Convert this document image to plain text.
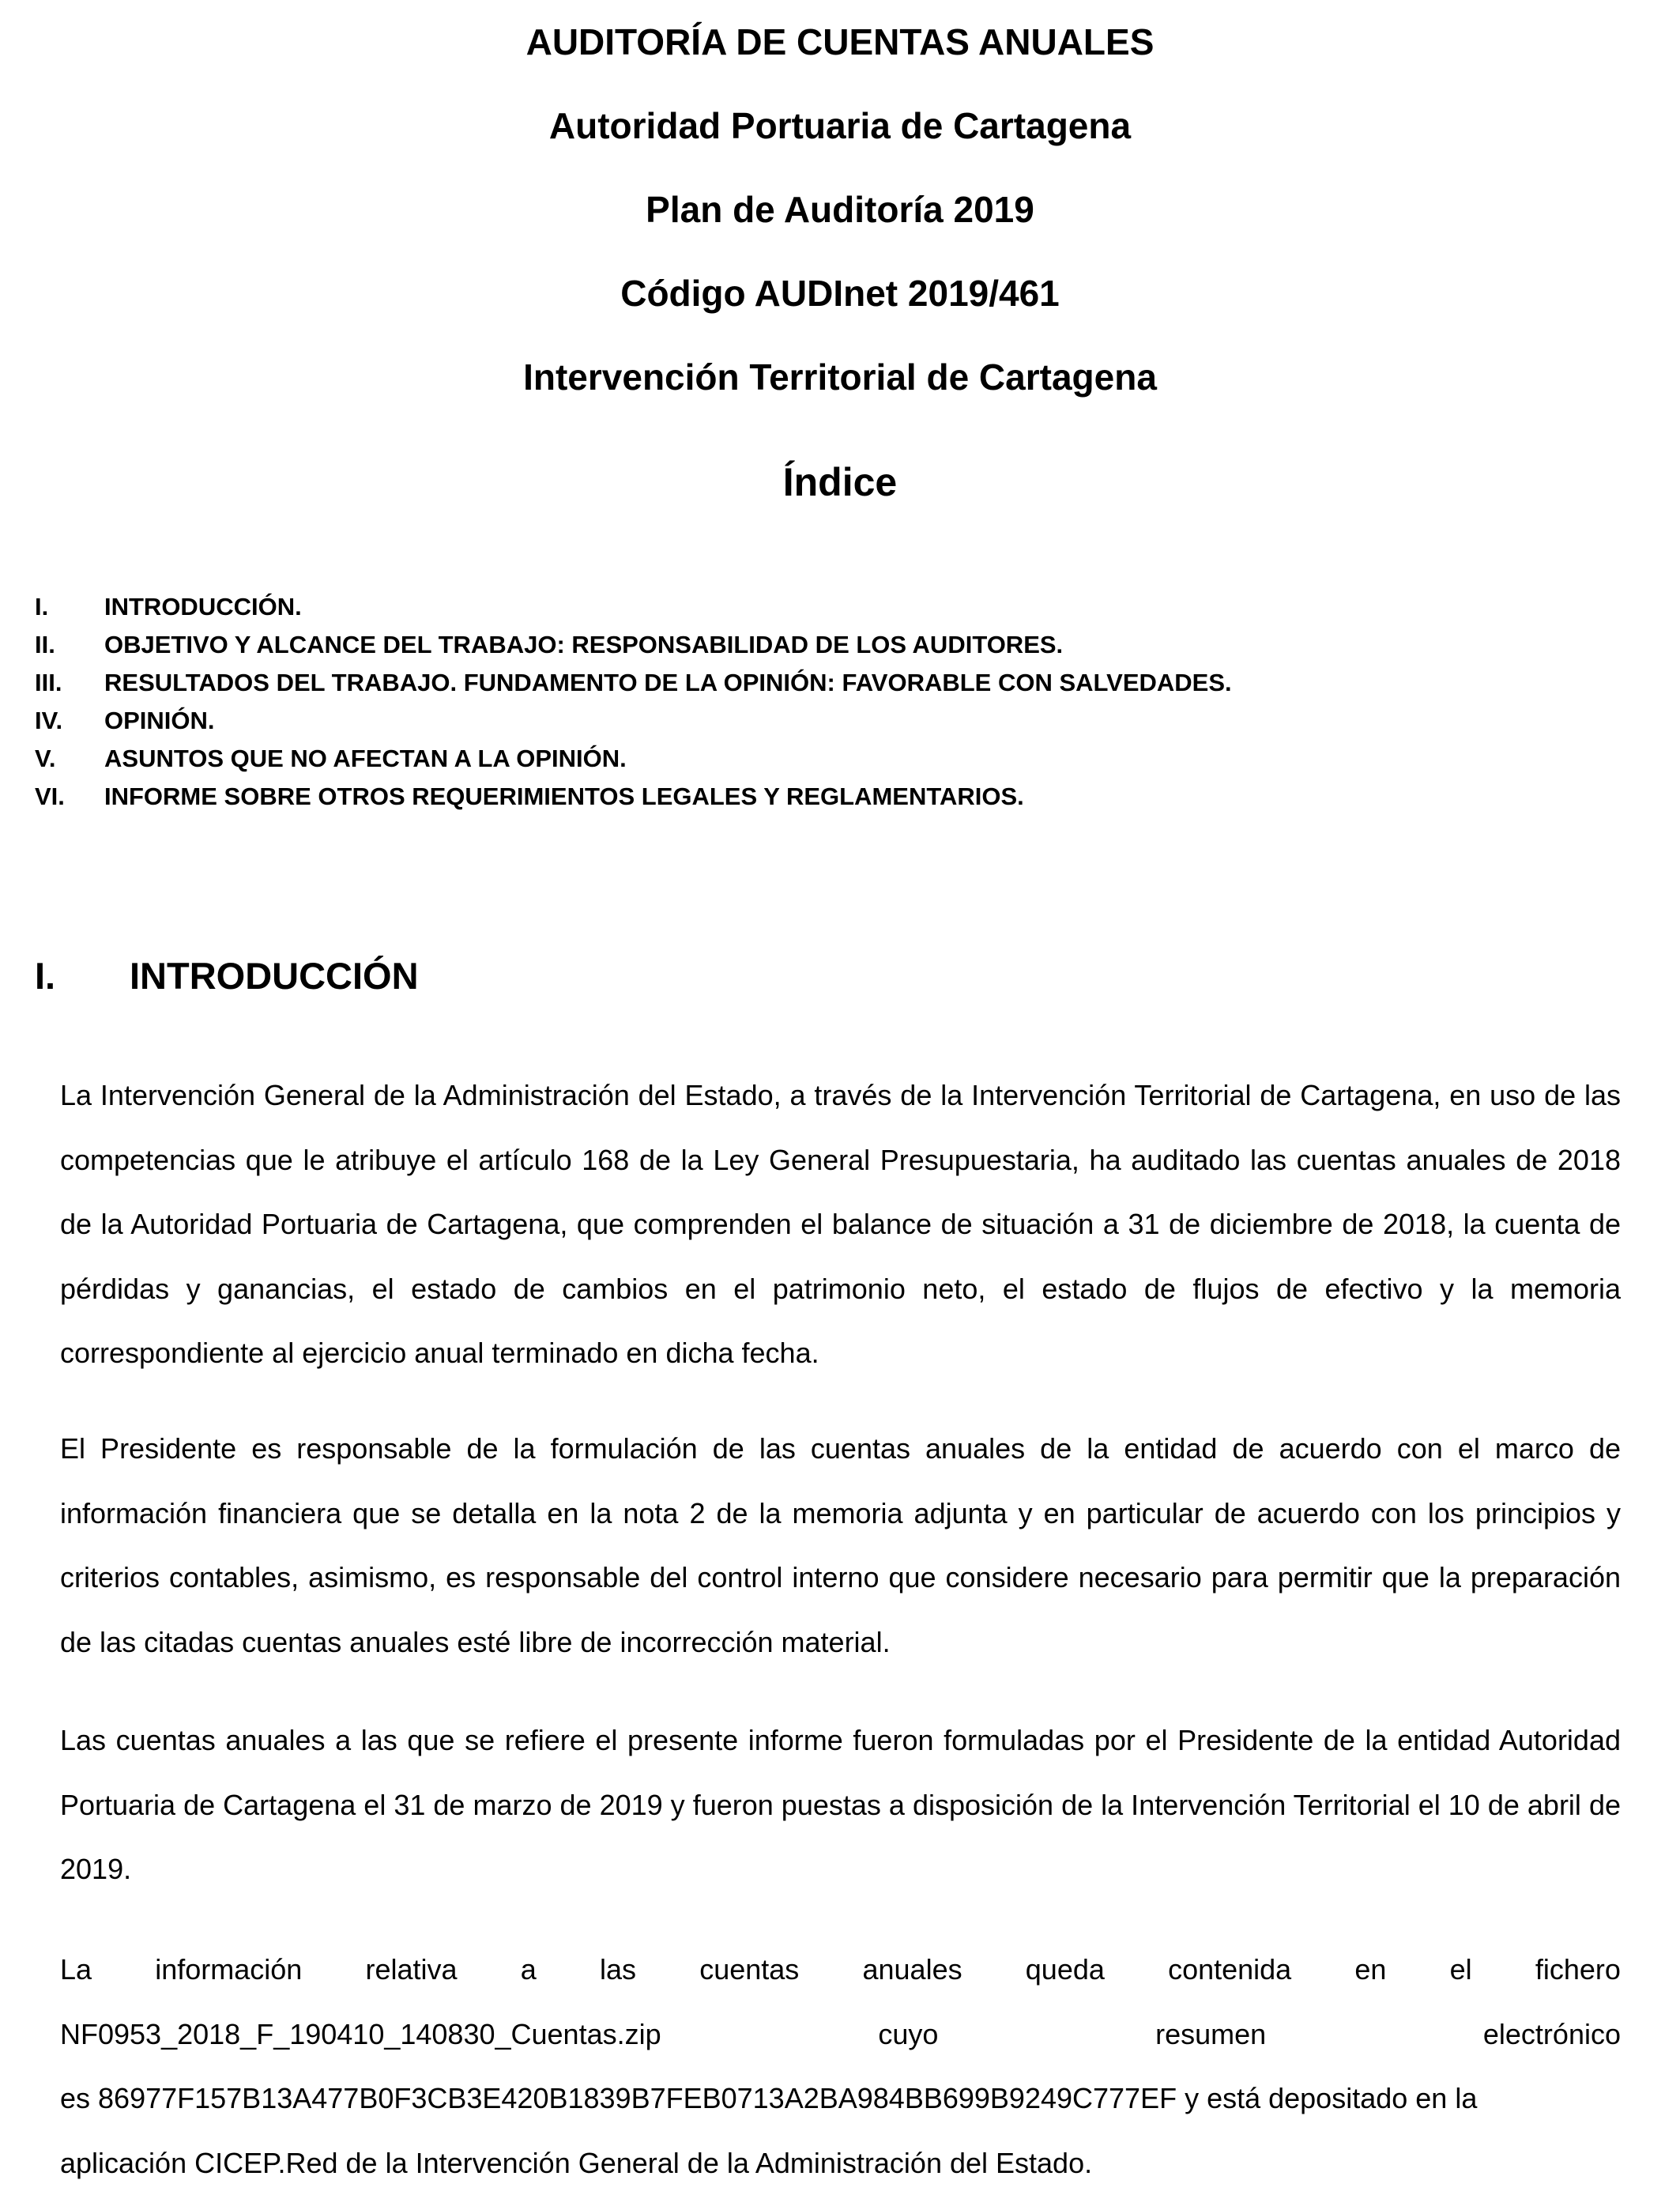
AUDITORÍA DE CUENTAS ANUALES
Autoridad Portuaria de Cartagena
Plan de Auditoría 2019
Código AUDInet 2019/461
Intervención Territorial de Cartagena
Índice
I.	INTRODUCCIÓN.
II.	OBJETIVO Y ALCANCE DEL TRABAJO: RESPONSABILIDAD DE LOS AUDITORES.
III.	RESULTADOS DEL TRABAJO. FUNDAMENTO DE LA OPINIÓN: FAVORABLE CON SALVEDADES.
IV.	OPINIÓN.
V.	ASUNTOS QUE NO AFECTAN A LA OPINIÓN.
VI.	INFORME SOBRE OTROS REQUERIMIENTOS LEGALES Y REGLAMENTARIOS.
I.	INTRODUCCIÓN
La Intervención General de la Administración del Estado, a través de la Intervención Territorial de Cartagena, en uso de las competencias que le atribuye el artículo 168 de la Ley General Presupuestaria, ha auditado las cuentas anuales de 2018 de la Autoridad Portuaria de Cartagena, que comprenden el balance de situación a 31 de diciembre de 2018, la cuenta de pérdidas y ganancias, el estado de cambios en el patrimonio neto, el estado de flujos de efectivo y la memoria correspondiente al ejercicio anual terminado en dicha fecha.
El Presidente es responsable de la formulación de las cuentas anuales de la entidad de acuerdo con el marco de información financiera que se detalla en la nota 2 de la memoria adjunta y en particular de acuerdo con los principios y criterios contables, asimismo, es responsable del control interno que considere necesario para permitir que la preparación de las citadas cuentas anuales esté libre de incorrección material.
Las cuentas anuales a las que se refiere el presente informe fueron formuladas por el Presidente de la entidad Autoridad Portuaria de Cartagena el 31 de marzo de 2019 y fueron puestas a disposición de la Intervención Territorial el 10 de abril de 2019.
La información relativa a las cuentas anuales queda contenida en el fichero
NF0953_2018_F_190410_140830_Cuentas.zip	cuyo	resumen	electrónico
es 86977F157B13A477B0F3CB3E420B1839B7FEB0713A2BA984BB699B9249C777EF y está depositado en la
aplicación CICEP.Red de la Intervención General de la Administración del Estado.
